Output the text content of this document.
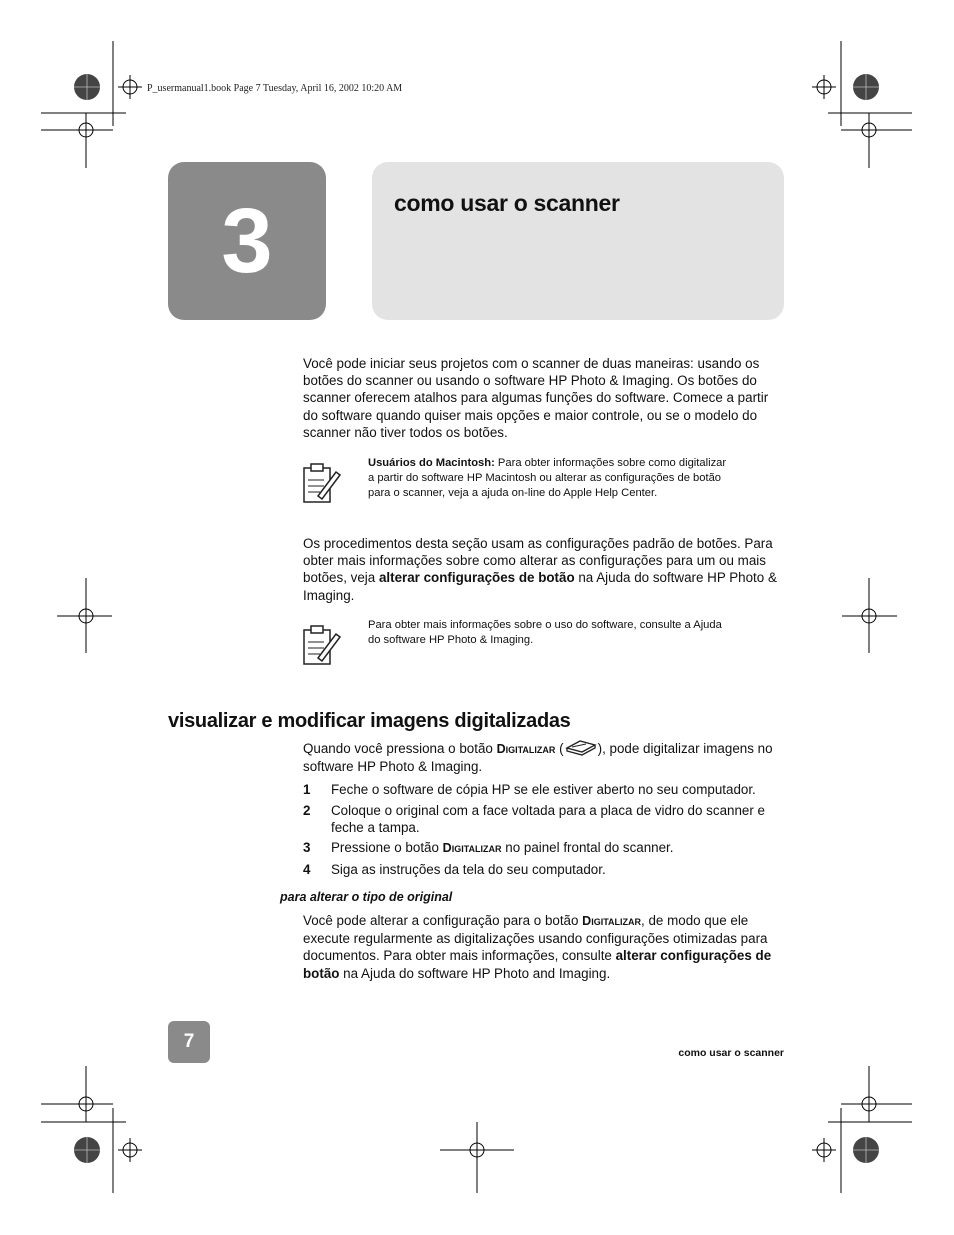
P_usermanual1.book Page 7 Tuesday, April 16, 2002 10:20 AM
3	como usar o scanner

Você pode iniciar seus projetos com o scanner de duas maneiras: usando os botões do scanner ou usando o software HP Photo & Imaging. Os botões do scanner oferecem atalhos para algumas funções do software. Comece a partir do software quando quiser mais opções e maior controle, ou se o modelo do scanner não tiver todos os botões.

Usuários do Macintosh: Para obter informações sobre como digitalizar a partir do software HP Macintosh ou alterar as configurações de botão para o scanner, veja a ajuda on-line do Apple Help Center.

Os procedimentos desta seção usam as configurações padrão de botões. Para obter mais informações sobre como alterar as configurações para um ou mais botões, veja alterar configurações de botão na Ajuda do software HP Photo & Imaging.

Para obter mais informações sobre o uso do software, consulte a Ajuda do software HP Photo & Imaging.

visualizar e modificar imagens digitalizadas

Quando você pressiona o botão Digitalizar (	), pode digitalizar imagens no software HP Photo & Imaging.

1 Feche o software de cópia HP se ele estiver aberto no seu computador.
2 Coloque o original com a face voltada para a placa de vidro do scanner e feche a tampa.
3 Pressione o botão Digitalizar no painel frontal do scanner.
4 Siga as instruções da tela do seu computador.
para alterar o tipo de original

Você pode alterar a configuração para o botão Digitalizar, de modo que ele execute regularmente as digitalizações usando configurações otimizadas para documentos. Para obter mais informações, consulte alterar configurações de botão na Ajuda do software HP Photo and Imaging.

7
como usar o scanner
